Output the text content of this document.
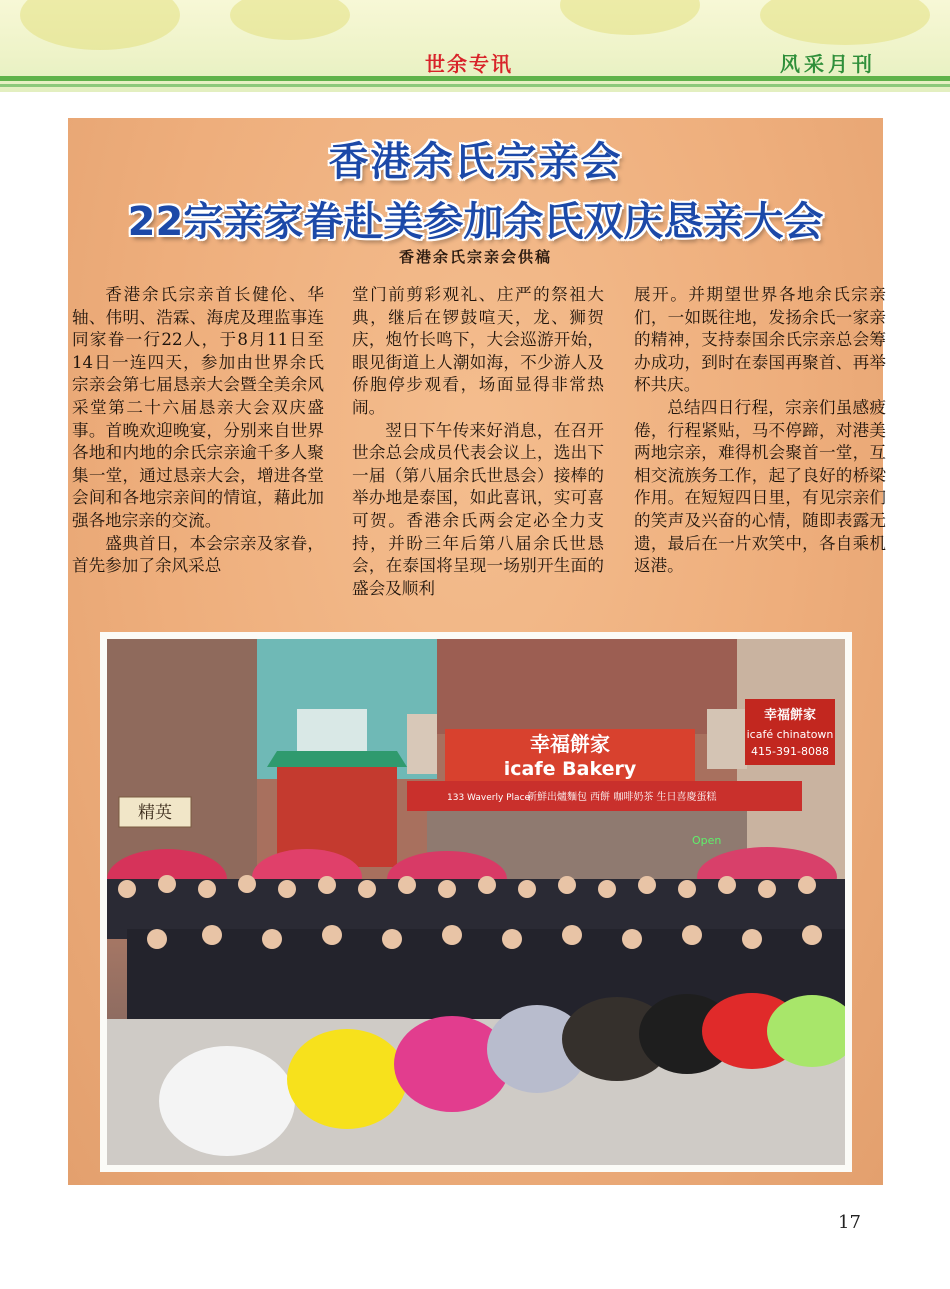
世余专讯	风采月刊
香港余氏宗亲会
22宗亲家眷赴美参加余氏双庆恳亲大会
香港余氏宗亲会供稿

香港余氏宗亲首长健伦、华轴、伟明、浩霖、海虎及理监事连同家眷一行22人，于8月11日至14日一连四天，参加由世界余氏宗亲会第七届恳亲大会暨全美余风采堂第二十六届恳亲大会双庆盛事。首晚欢迎晚宴，分别来自世界各地和内地的余氏宗亲逾千多人聚集一堂，通过恳亲大会，增进各堂会间和各地宗亲间的情谊，藉此加强各地宗亲的交流。

盛典首日，本会宗亲及家眷，首先参加了余风采总

堂门前剪彩观礼、庄严的祭祖大典，继后在锣鼓喧天，龙、狮贺庆，炮竹长鸣下，大会巡游开始，眼见街道上人潮如海，不少游人及侨胞停步观看，场面显得非常热闹。

翌日下午传来好消息，在召开世余总会成员代表会议上，选出下一届（第八届余氏世恳会）接棒的举办地是泰国，如此喜讯，实可喜可贺。香港余氏两会定必全力支持，并盼三年后第八届余氏世恳会，在泰国将呈现一场别开生面的盛会及顺利

展开。并期望世界各地余氏宗亲们，一如既往地，发扬余氏一家亲的精神，支持泰国余氏宗亲总会筹办成功，到时在泰国再聚首、再举杯共庆。

总结四日行程，宗亲们虽感疲倦，行程紧贴，马不停蹄，对港美两地宗亲，难得机会聚首一堂，互相交流族务工作，起了良好的桥梁作用。在短短四日里，有见宗亲们的笑声及兴奋的心情，随即表露无遗，最后在一片欢笑中，各自乘机返港。

精英
幸福餅家
icafe Bakery
133 Waverly Place
新鮮出爐麵包 西餅 咖啡奶茶 生日喜慶蛋糕
幸福餅家
icafé chinatown
415-391-8088
Open
17
